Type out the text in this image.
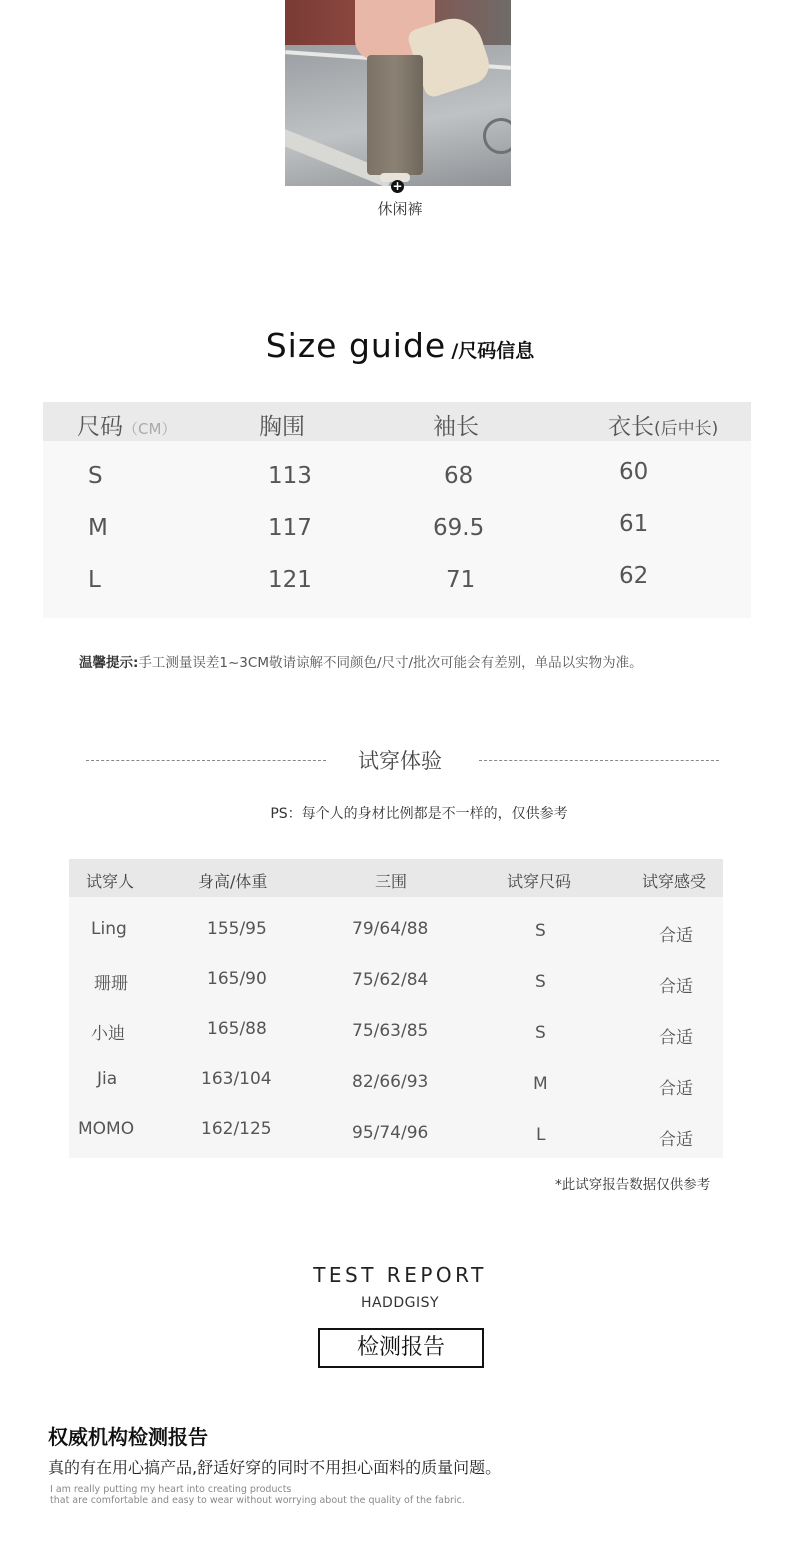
+
休闲裤
Size guide /尺码信息
尺码（CM）	胸围	袖长	衣长(后中长)
S	113	68	60
M	117	69.5	61
L	121	71	62
温馨提示:手工测量误差1~3CM敬请谅解不同颜色/尺寸/批次可能会有差别，单品以实物为准。
试穿体验
PS：每个人的身材比例都是不一样的，仅供参考
试穿人	身高/体重	三围	试穿尺码	试穿感受
Ling	155/95	79/64/88	S	合适
珊珊	165/90	75/62/84	S	合适
小迪	165/88	75/63/85	S	合适
Jia	163/104	82/66/93	M	合适
MOMO	162/125	95/74/96	L	合适
*此试穿报告数据仅供参考
TEST REPORT
HADDGISY
检测报告
权威机构检测报告
真的有在用心搞产品,舒适好穿的同时不用担心面料的质量问题。
I am really putting my heart into creating products
that are comfortable and easy to wear without worrying about the quality of the fabric.
